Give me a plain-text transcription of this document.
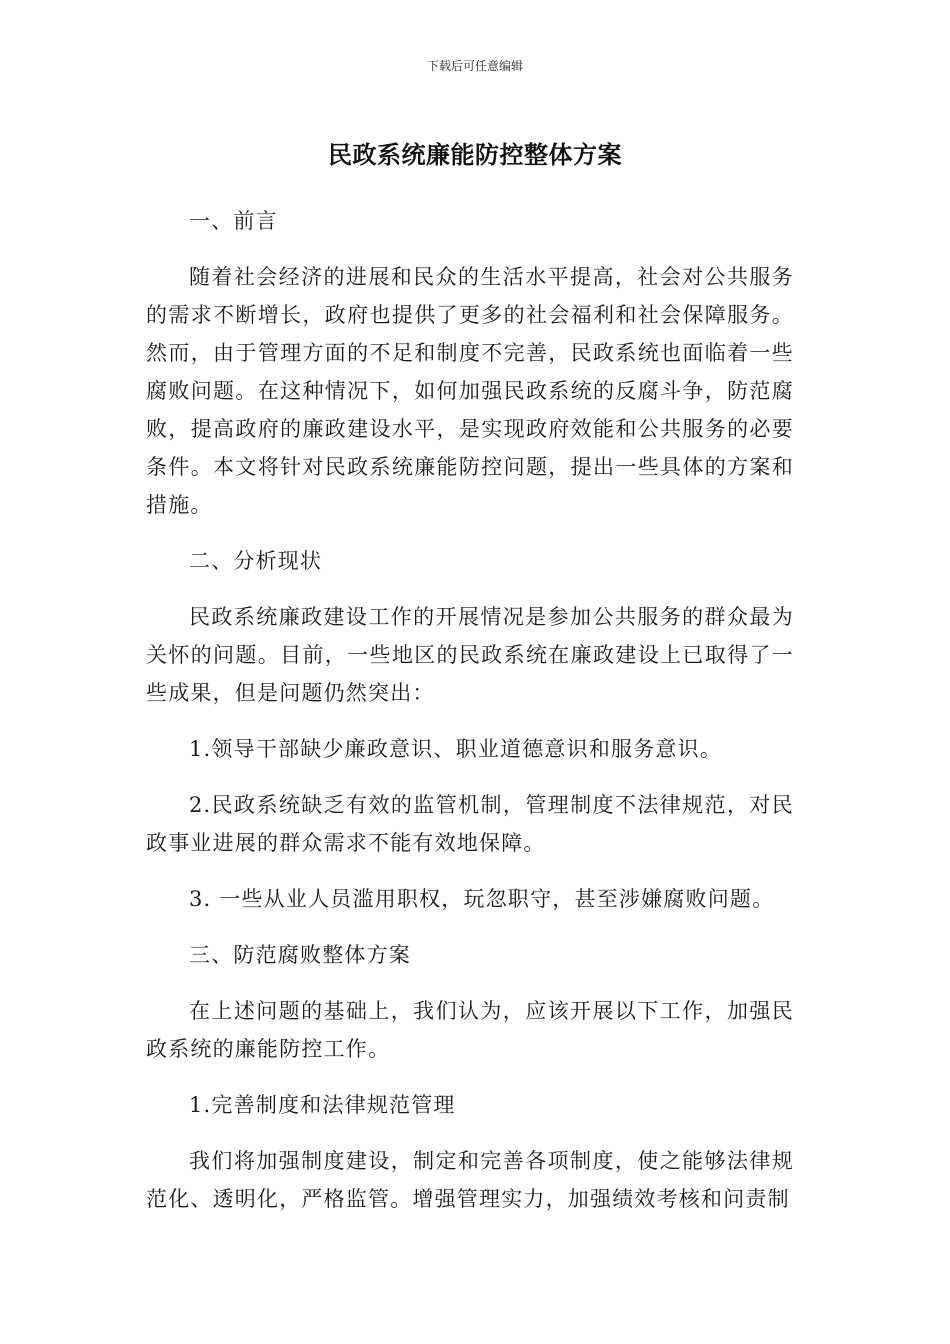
下载后可任意编辑
民政系统廉能防控整体方案

一、前言

随着社会经济的进展和民众的生活水平提高，社会对公共服务的需求不断增长，政府也提供了更多的社会福利和社会保障服务。然而，由于管理方面的不足和制度不完善，民政系统也面临着一些腐败问题。在这种情况下，如何加强民政系统的反腐斗争，防范腐败，提高政府的廉政建设水平，是实现政府效能和公共服务的必要条件。本文将针对民政系统廉能防控问题，提出一些具体的方案和措施。

二、分析现状

民政系统廉政建设工作的开展情况是参加公共服务的群众最为关怀的问题。目前，一些地区的民政系统在廉政建设上已取得了一些成果，但是问题仍然突出：

1.领导干部缺少廉政意识、职业道德意识和服务意识。

2.民政系统缺乏有效的监管机制，管理制度不法律规范，对民政事业进展的群众需求不能有效地保障。

3. 一些从业人员滥用职权，玩忽职守，甚至涉嫌腐败问题。

三、防范腐败整体方案

在上述问题的基础上，我们认为，应该开展以下工作，加强民政系统的廉能防控工作。

1.完善制度和法律规范管理

我们将加强制度建设，制定和完善各项制度，使之能够法律规范化、透明化，严格监管。增强管理实力，加强绩效考核和问责制
